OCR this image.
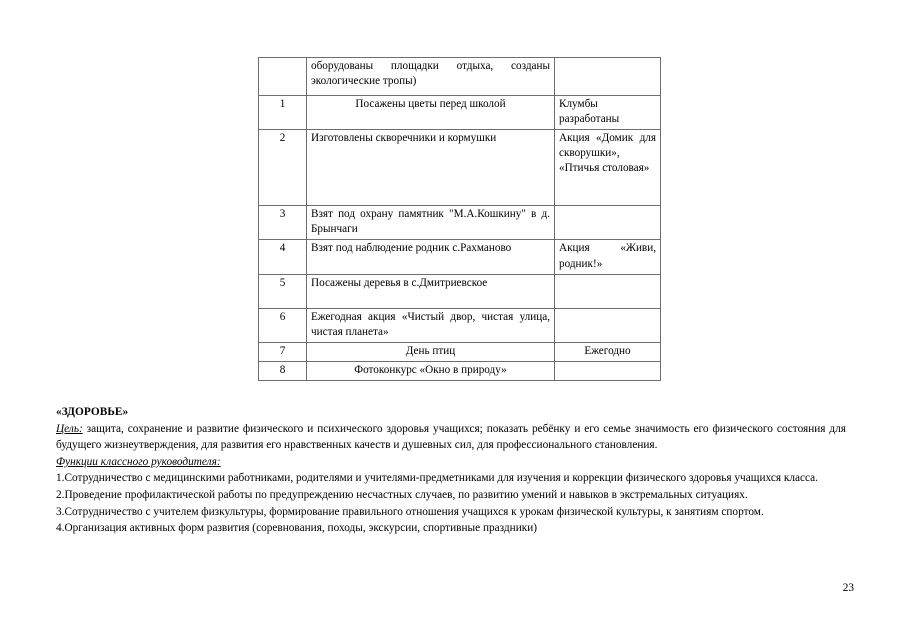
	оборудованы площадки отдыха, созданы экологические тропы)	
1	Посажены цветы перед школой	Клумбы разработаны
2	Изготовлены скворечники и кормушки	Акция «Домик для скворушки», «Птичья столовая»
3	Взят под охрану памятник "М.А.Кошкину" в д. Брынчаги	
4	Взят под наблюдение родник с.Рахманово	Акция «Живи, родник!»
5	Посажены деревья в с.Дмитриевское	
6	Ежегодная акция «Чистый двор, чистая улица, чистая планета»	
7	День птиц	Ежегодно
8	Фотоконкурс «Окно в природу»	

«ЗДОРОВЬЕ»

Цель: защита, сохранение и развитие физического и психического здоровья учащихся; показать ребёнку и его семье значимость его физического состояния для будущего жизнеутверждения, для развития его нравственных качеств и душевных сил, для профессионального становления.

Функции классного руководителя:

1.Сотрудничество с медицинскими работниками, родителями и учителями-предметниками для изучения и коррекции физического здоровья учащихся класса.

2.Проведение профилактической работы по предупреждению несчастных случаев, по развитию умений и навыков в экстремальных ситуациях.

3.Сотрудничество с учителем физкультуры, формирование правильного отношения учащихся к урокам физической культуры, к занятиям спортом.

4.Организация активных форм развития (соревнования, походы, экскурсии, спортивные праздники)

23
